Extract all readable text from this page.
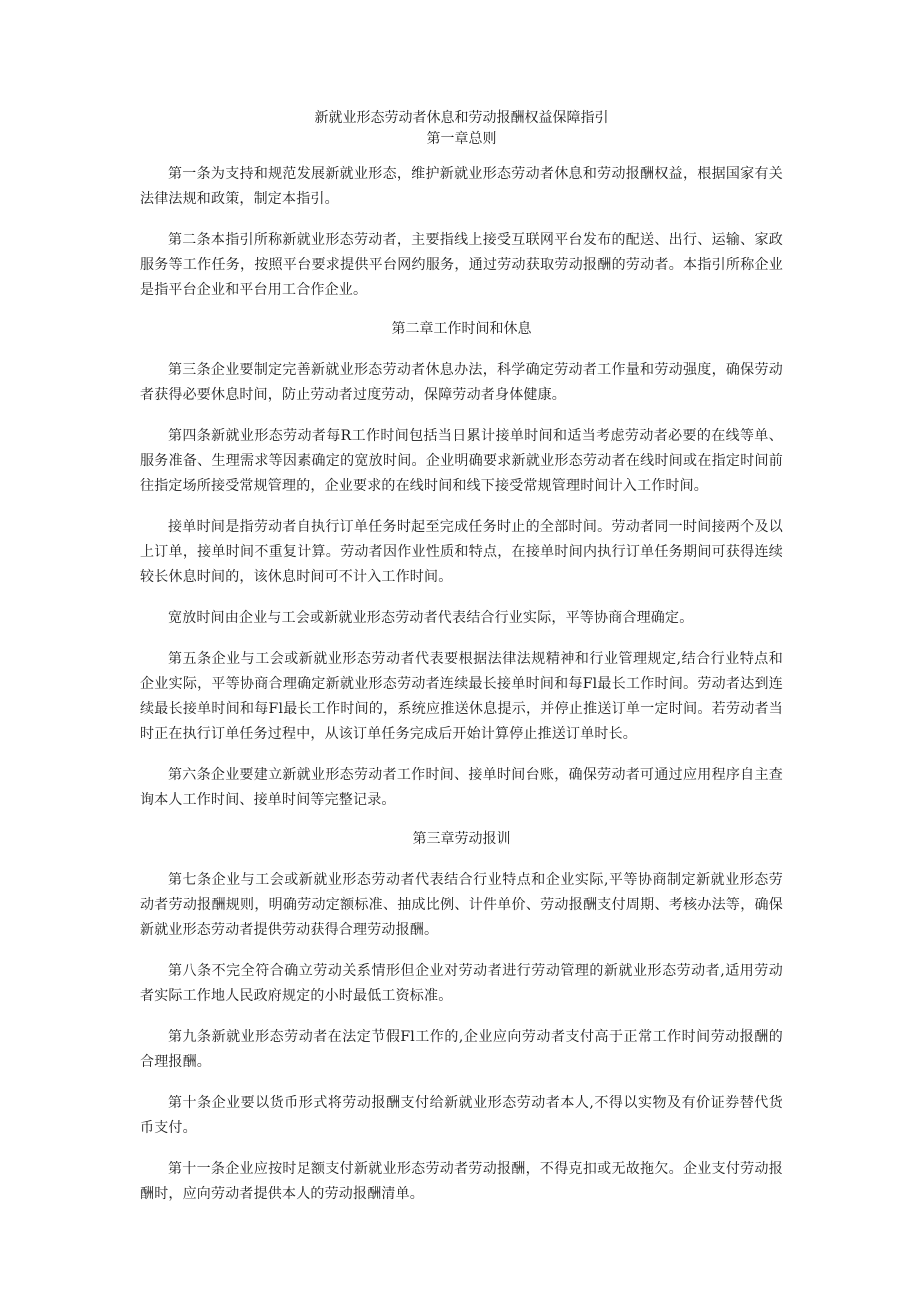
新就业形态劳动者休息和劳动报酬权益保障指引
第一章总则

第一条为支持和规范发展新就业形态，维护新就业形态劳动者休息和劳动报酬权益，根据国家有关法律法规和政策，制定本指引。

第二条本指引所称新就业形态劳动者，主要指线上接受互联网平台发布的配送、出行、运输、家政服务等工作任务，按照平台要求提供平台网约服务，通过劳动获取劳动报酬的劳动者。本指引所称企业是指平台企业和平台用工合作企业。

第二章工作时间和休息

第三条企业要制定完善新就业形态劳动者休息办法，科学确定劳动者工作量和劳动强度，确保劳动者获得必要休息时间，防止劳动者过度劳动，保障劳动者身体健康。

第四条新就业形态劳动者每R工作时间包括当日累计接单时间和适当考虑劳动者必要的在线等单、服务准备、生理需求等因素确定的宽放时间。企业明确要求新就业形态劳动者在线时间或在指定时间前往指定场所接受常规管理的，企业要求的在线时间和线下接受常规管理时间计入工作时间。

接单时间是指劳动者自执行订单任务时起至完成任务时止的全部时间。劳动者同一时间接两个及以上订单，接单时间不重复计算。劳动者因作业性质和特点，在接单时间内执行订单任务期间可获得连续较长休息时间的，该休息时间可不计入工作时间。

宽放时间由企业与工会或新就业形态劳动者代表结合行业实际，平等协商合理确定。

第五条企业与工会或新就业形态劳动者代表要根据法律法规精神和行业管理规定,结合行业特点和企业实际，平等协商合理确定新就业形态劳动者连续最长接单时间和每Fl最长工作时间。劳动者达到连续最长接单时间和每Fl最长工作时间的，系统应推送休息提示，并停止推送订单一定时间。若劳动者当时正在执行订单任务过程中，从该订单任务完成后开始计算停止推送订单时长。

第六条企业要建立新就业形态劳动者工作时间、接单时间台账，确保劳动者可通过应用程序自主查询本人工作时间、接单时间等完整记录。

第三章劳动报训

第七条企业与工会或新就业形态劳动者代表结合行业特点和企业实际,平等协商制定新就业形态劳动者劳动报酬规则，明确劳动定额标准、抽成比例、计件单价、劳动报酬支付周期、考核办法等，确保新就业形态劳动者提供劳动获得合理劳动报酬。

第八条不完全符合确立劳动关系情形但企业对劳动者进行劳动管理的新就业形态劳动者,适用劳动者实际工作地人民政府规定的小时最低工资标准。

第九条新就业形态劳动者在法定节假Fl工作的,企业应向劳动者支付高于正常工作时间劳动报酬的合理报酬。

第十条企业要以货币形式将劳动报酬支付给新就业形态劳动者本人,不得以实物及有价证券替代货币支付。

第十一条企业应按时足额支付新就业形态劳动者劳动报酬，不得克扣或无故拖欠。企业支付劳动报酬时，应向劳动者提供本人的劳动报酬清单。
